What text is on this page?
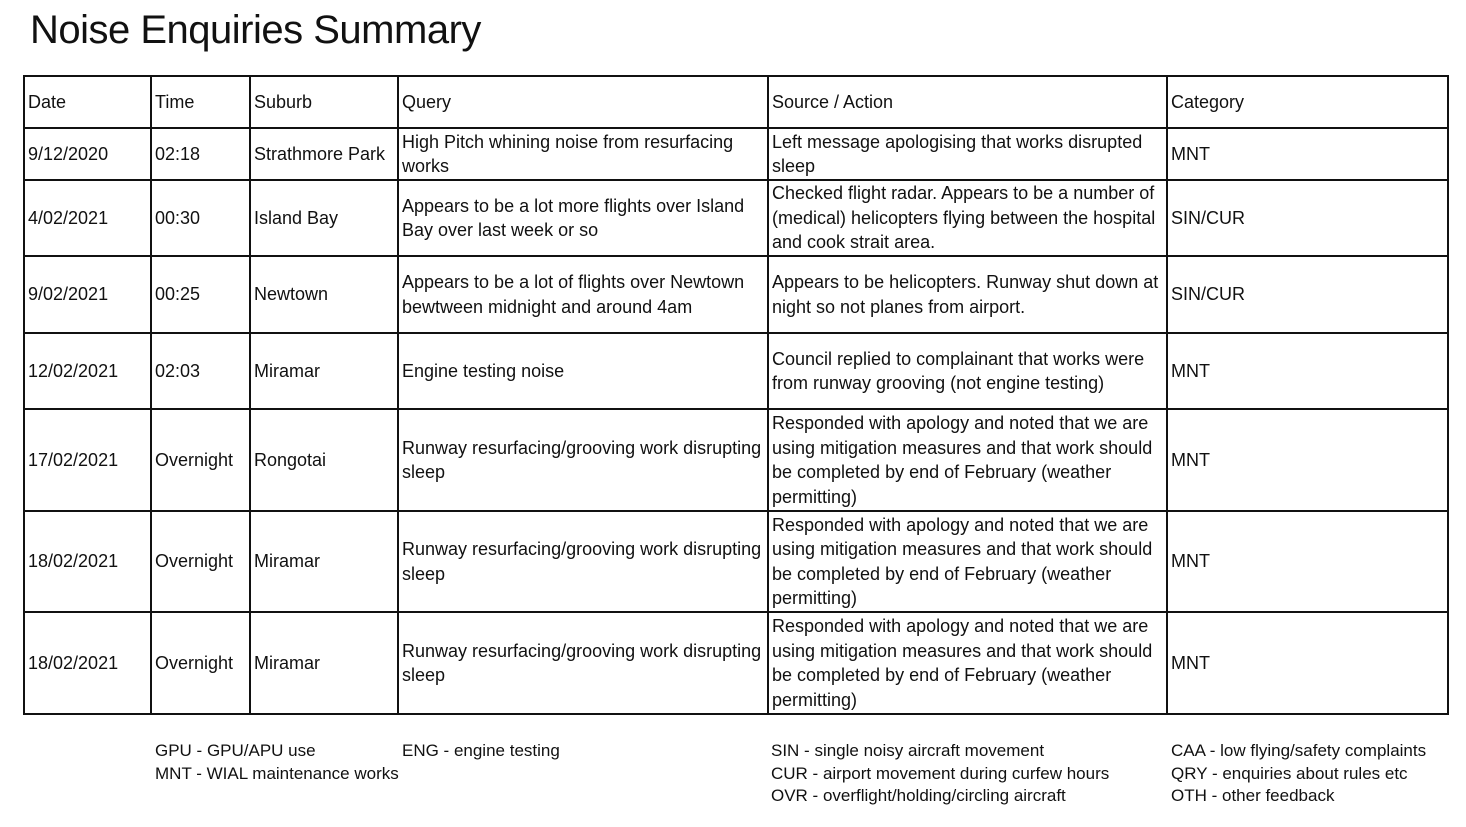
Noise Enquiries Summary
Date	Time	Suburb	Query	Source / Action	Category
9/12/2020	02:18	Strathmore Park	High Pitch whining noise from resurfacing works	Left message apologising that works disrupted sleep	MNT
4/02/2021	00:30	Island Bay	Appears to be a lot more flights over Island Bay over last week or so	Checked flight radar. Appears to be a number of (medical) helicopters flying between the hospital and cook strait area.	SIN/CUR
9/02/2021	00:25	Newtown	Appears to be a lot of flights over Newtown bewtween midnight and around 4am	Appears to be helicopters. Runway shut down at night so not planes from airport.	SIN/CUR
12/02/2021	02:03	Miramar	Engine testing noise	Council replied to complainant that works were from runway grooving (not engine testing)	MNT
17/02/2021	Overnight	Rongotai	Runway resurfacing/grooving work disrupting sleep	Responded with apology and noted that we are using mitigation measures and that work should be completed by end of February (weather permitting)	MNT
18/02/2021	Overnight	Miramar	Runway resurfacing/grooving work disrupting sleep	Responded with apology and noted that we are using mitigation measures and that work should be completed by end of February (weather permitting)	MNT
18/02/2021	Overnight	Miramar	Runway resurfacing/grooving work disrupting sleep	Responded with apology and noted that we are using mitigation measures and that work should be completed by end of February (weather permitting)	MNT
GPU - GPU/APU use
MNT - WIAL maintenance works
ENG - engine testing	SIN - single noisy aircraft movement
CUR - airport movement during curfew hours
OVR - overflight/holding/circling aircraft
CAA - low flying/safety complaints
QRY - enquiries about rules etc
OTH - other feedback
